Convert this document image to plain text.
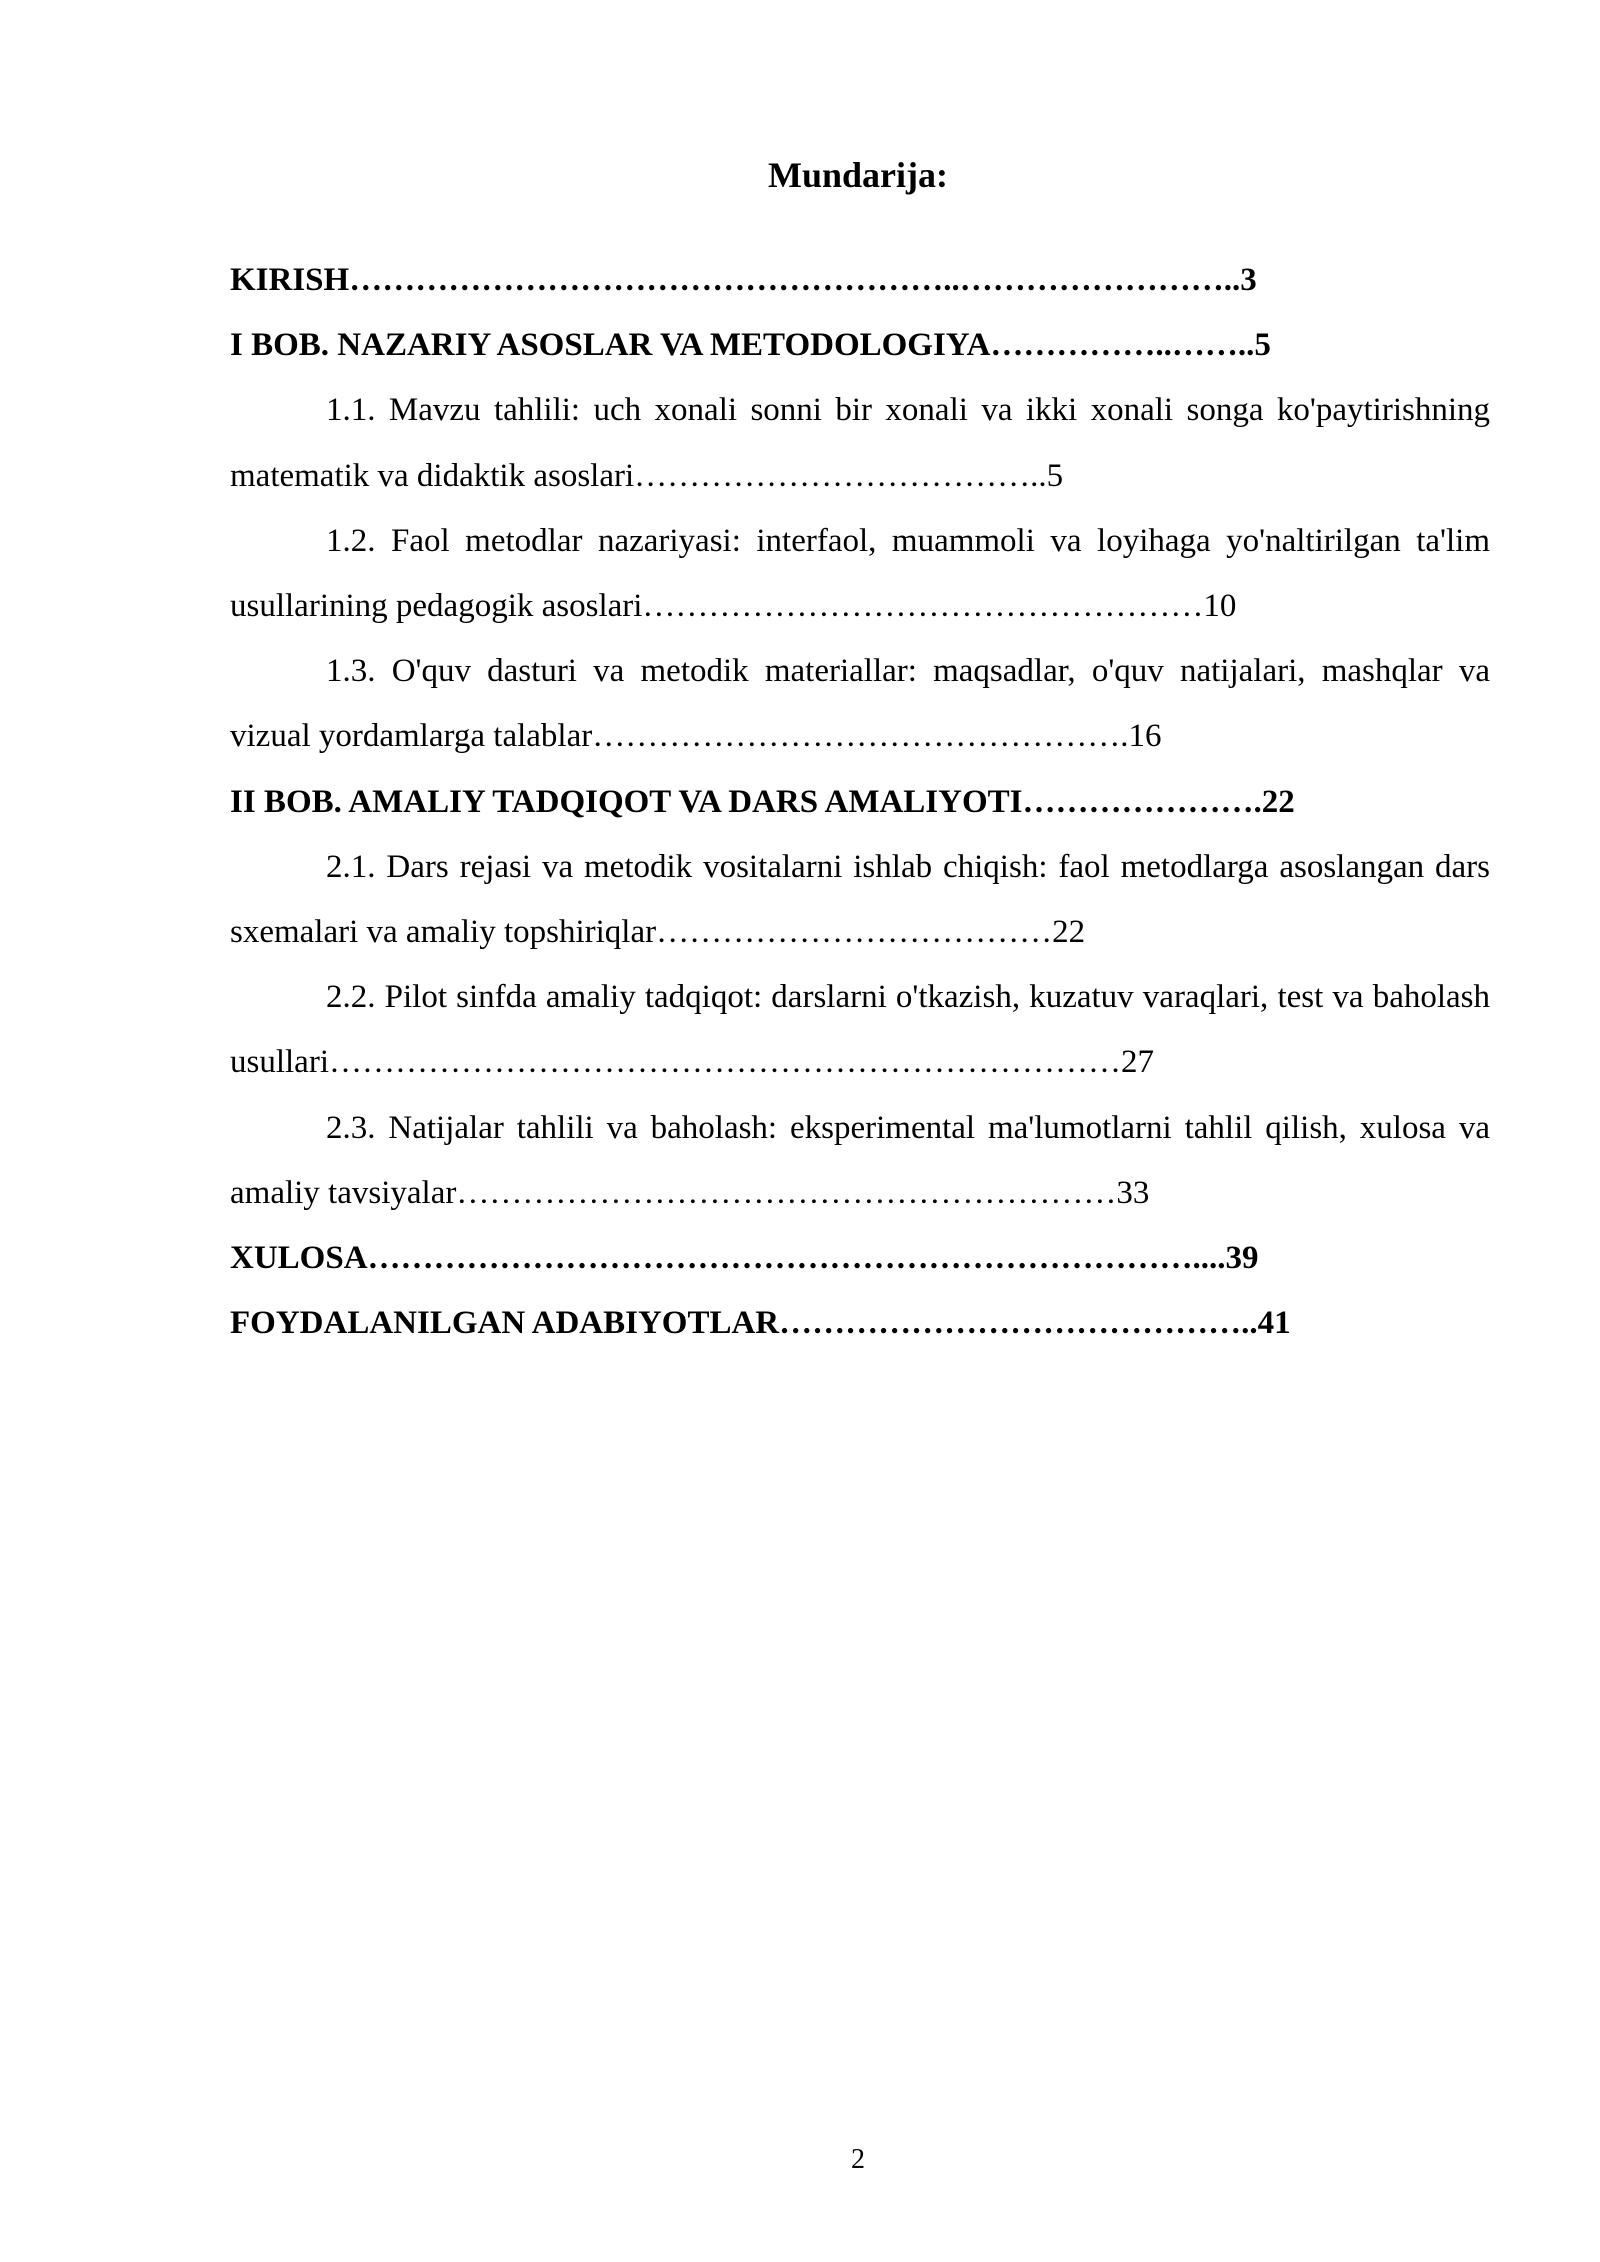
Mundarija:

KIRISH………………………………………………..……………………..3

I BOB. NAZARIY ASOSLAR VA METODOLOGIYA……………..……..5

1.1. Mavzu tahlili: uch xonali sonni bir xonali va ikki xonali songa ko'paytirishning matematik va didaktik asoslari………………………………..5

1.2. Faol metodlar nazariyasi: interfaol, muammoli va loyihaga yo'naltirilgan ta'lim usullarining pedagogik asoslari……………………………………………10

1.3. O'quv dasturi va metodik materiallar: maqsadlar, o'quv natijalari, mashqlar va vizual yordamlarga talablar………………………………………….16

II BOB. AMALIY TADQIQOT VA DARS AMALIYOTI………………….22

2.1. Dars rejasi va metodik vositalarni ishlab chiqish: faol metodlarga asoslangan dars sxemalari va amaliy topshiriqlar………………………………22

2.2. Pilot sinfda amaliy tadqiqot: darslarni o'tkazish, kuzatuv varaqlari, test va baholash usullari………………………………………………………………27

2.3. Natijalar tahlili va baholash: eksperimental ma'lumotlarni tahlil qilish, xulosa va amaliy tavsiyalar……………………………………………………33

XULOSA…………………………………………………………………....39

FOYDALANILGAN ADABIYOTLAR……………………………………..41

2
